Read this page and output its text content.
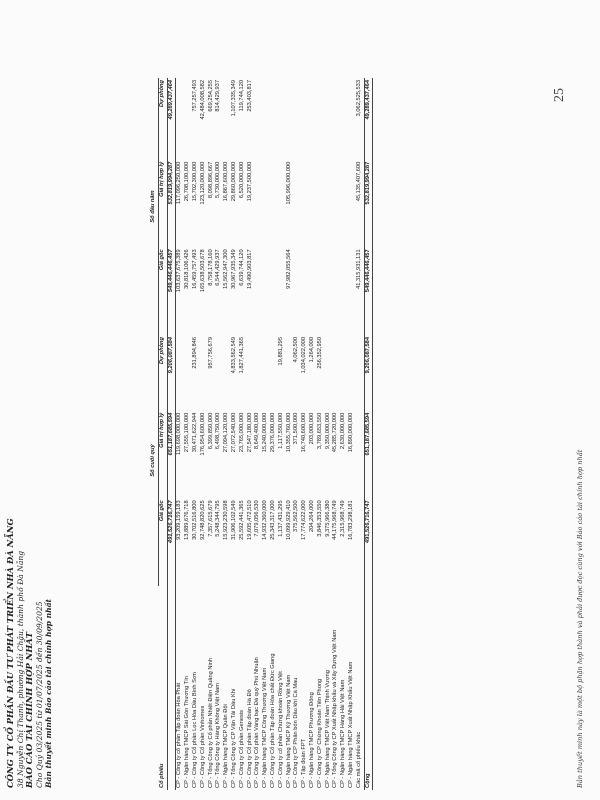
CÔNG TY CỔ PHẦN ĐẦU TƯ PHÁT TRIỂN NHÀ ĐÀ NẴNG 38 Nguyễn Chí Thanh, phường Hải Châu, thành phố Đà Nẵng BÁO CÁO TÀI CHÍNH HỢP NHẤT Cho Quý 03/2025 từ 01/07/2025 đến 30/09/2025 Bản thuyết minh Báo cáo tài chính hợp nhất
	Số cuối quý			Số đầu năm		
Cổ phiếu	Giá gốc	Giá trị hợp lý	Dự phòng	Giá gốc	Giá trị hợp lý	Dự phòng
	491,526,716,747	651,187,685,594	9,206,087,584	549,446,446,457	532,819,994,287	49,289,437,464
CP - Công ty cổ phần Tập đoàn Hòa Phát	93,209,159,183	119,698,000,000		103,637,675,389	117,096,250,000	
CP - Ngân hàng TMCP Sài Gòn Thương Tín	13,889,676,718	27,555,100,000		30,818,106,426	26,708,100,000	
CP - Công ty Cổ phần Lọc Hóa Dầu Bình Sơn	30,702,516,800	30,471,622,944	231,894,846	16,459,757,493	15,702,300,000	757,257,493
CP - Công ty Cổ phần Vinhomes	92,748,820,625	176,954,600,000		165,638,503,678	123,120,000,000	42,484,008,582
CP - Tổng Công ty Cổ phần Nhiệt Điện Quảng Ninh	7,357,615,679	6,399,850,000	957,756,679	8,758,178,160	8,098,896,667	669,254,255
CP - Tổng Công ty Hàng Không Việt Nam	5,248,344,795	6,498,750,000		6,544,429,937	5,730,000,000	814,429,937
CP - Ngân hàng TMCP Quân Đội	15,923,230,598	27,094,120,000		15,562,947,300	16,867,600,000	
CP - Tổng Công ty CP Vận Tải Dầu Khí	31,906,102,549	27,072,540,000	4,833,562,549	30,967,935,349	29,860,000,000	1,107,335,349
CP - Công ty Cổ phần Genesis	25,592,441,365	23,765,000,000	1,827,441,365	6,639,744,120	6,520,000,000	119,744,120
CP - Công ty Cổ phần Tập đoàn Hà Đô	19,605,472,510	27,547,180,000		19,490,903,817	19,237,500,000	253,403,817
CP - Công ty Cổ phần Vàng bạc Đá quý Phú Nhuận	7,079,056,530	8,649,400,000				
CP - Ngân hàng TMCP Công Thương Việt Nam	14,932,360,000	15,240,000,000				
CP - Công ty Cổ phần Tập đoàn Hóa chất Đức Giang	25,343,317,000	29,376,000,000				
CP - Công ty cổ phần Chứng khoán Rồng Việt	1,137,431,295	1,117,550,000	19,881,295			
CP - Ngân hàng TMCP Kỹ Thương Việt Nam	10,099,929,410	10,355,760,000		97,982,055,564	105,996,000,000	
CP - Công ty CP Phân bón Dầu khí Cà Mau	375,562,500	371,500,000	4,062,500			
CP - Tập đoàn FPT	17,774,622,000	16,740,600,000	1,034,022,000			
CP - Ngân hàng TMCP Phương Đông	204,264,000	203,000,000	1,264,000			
CP - Công ty CP Chứng Khoán Tiên Phong	3,846,353,550	3,789,653,550	256,352,950			
CP - Ngân hàng TMCP Việt Nam Thịnh Vượng	9,375,966,380	9,350,000,000				
CP - Tổng Công ty CP Xuất Nhập khẩu và Xây Dựng Việt Nam	44,175,968,749	45,285,720,000				
CP - Ngân hàng TMCP Hàng Hải Việt Nam	2,315,968,749	2,630,000,000				
CP - Ngân hàng TMCP Xuất Nhập Khẩu Việt Nam	16,783,298,181	16,890,000,000				
Các mã cổ phiếu khác				41,315,931,131	45,135,407,600	3,062,525,533
Cộng	491,526,716,747	651,187,685,594	9,206,087,584	549,446,446,457	532,819,994,287	49,289,437,464
Bản thuyết minh này là một bộ phận hợp thành và phải được đọc cùng với Báo cáo tài chính hợp nhất
25
